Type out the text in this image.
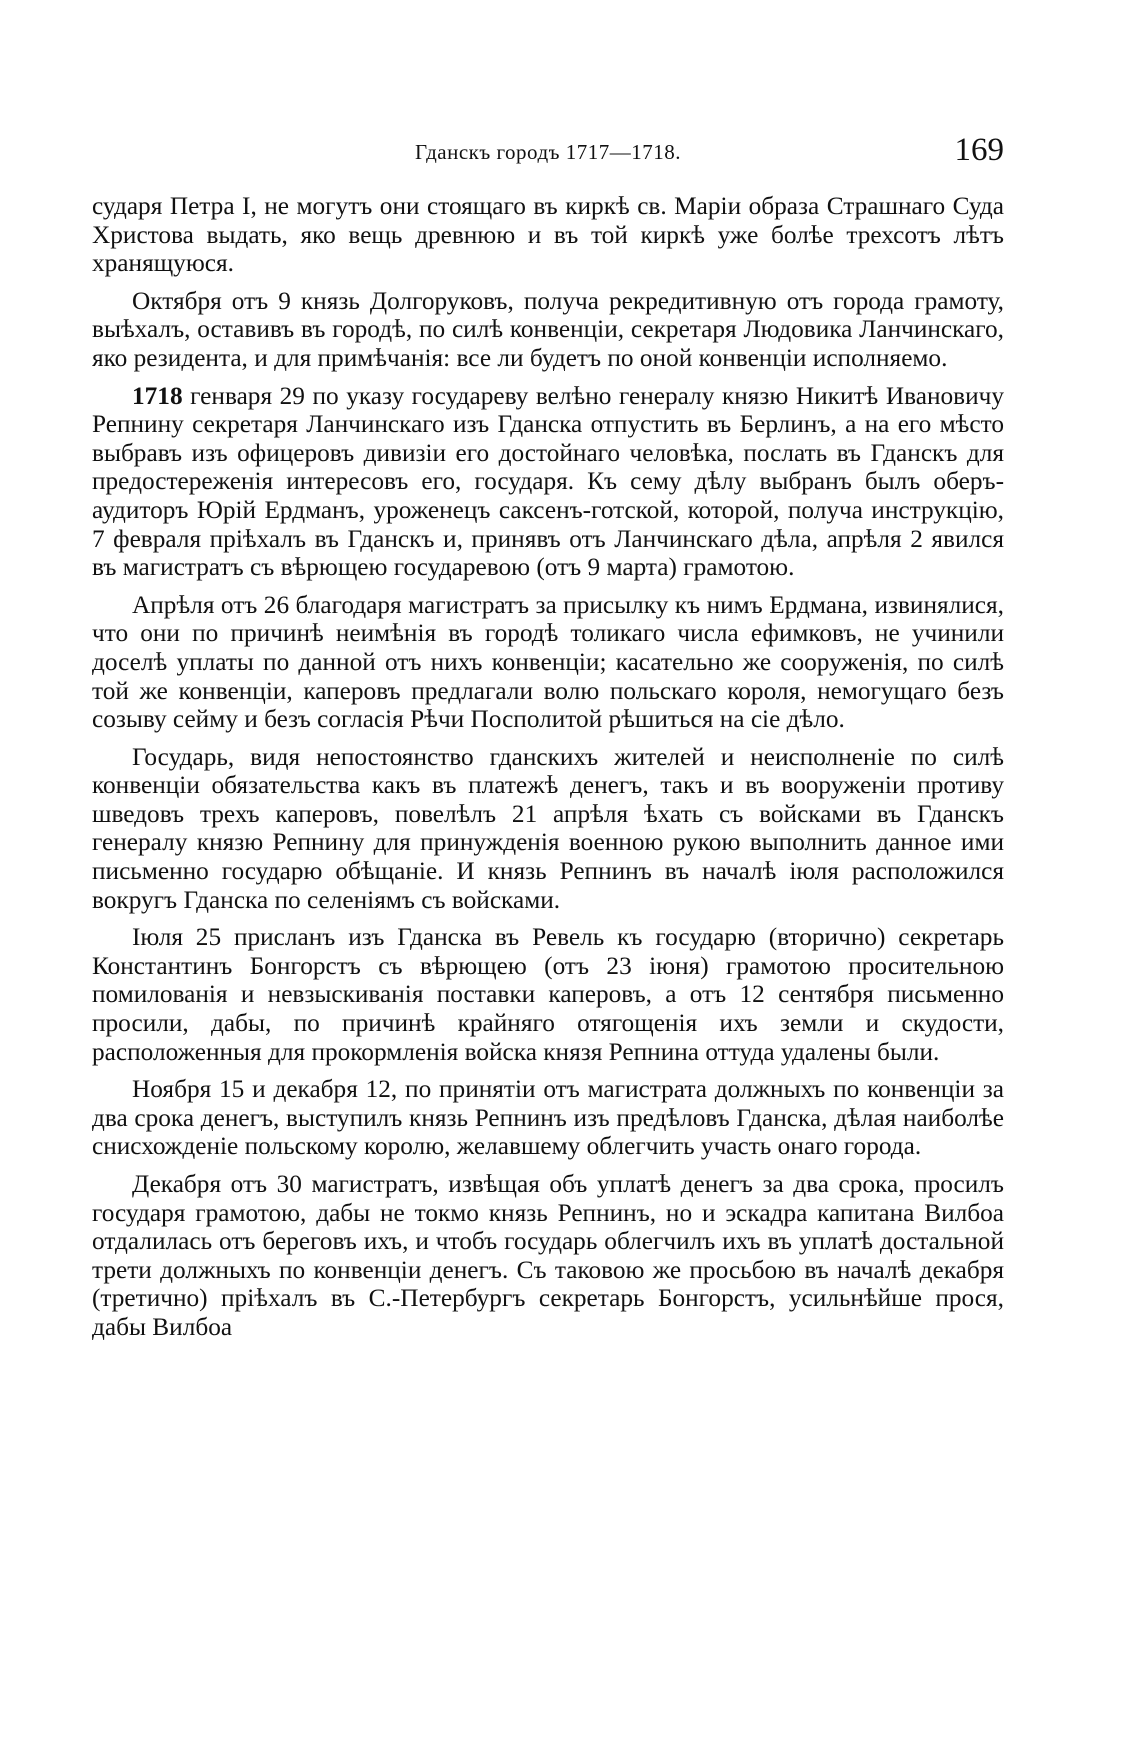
Гданскъ городъ 1717—1718.	169

сударя Петра I, не могутъ они стоящаго въ киркѣ св. Маріи образа Страшнаго Суда Христова выдать, яко вещь древнюю и въ той киркѣ уже болѣе трехсотъ лѣтъ хранящуюся.

Октября отъ 9 князь Долгоруковъ, получа рекредитивную отъ города грамоту, выѣхалъ, оставивъ въ городѣ, по силѣ конвенціи, секретаря Людовика Ланчинскаго, яко резидента, и для примѣчанія: все ли будетъ по оной конвенціи исполняемо.

1718 генваря 29 по указу государеву велѣно генералу князю Никитѣ Ивановичу Репнину секретаря Ланчинскаго изъ Гданска отпустить въ Берлинъ, а на его мѣсто выбравъ изъ офицеровъ дивизіи его достойнаго человѣка, послать въ Гданскъ для предостереженія интересовъ его, государя. Къ сему дѣлу выбранъ былъ оберъ-аудиторъ Юрій Ердманъ, уроженецъ саксенъ-готской, которой, получа инструкцію, 7 февраля пріѣхалъ въ Гданскъ и, принявъ отъ Ланчинскаго дѣла, апрѣля 2 явился въ магистратъ съ вѣрющею государевою (отъ 9 марта) грамотою.

Апрѣля отъ 26 благодаря магистратъ за присылку къ нимъ Ердмана, извинялися, что они по причинѣ неимѣнія въ городѣ толикаго числа ефимковъ, не учинили доселѣ уплаты по данной отъ нихъ конвенціи; касательно же сооруженія, по силѣ той же конвенціи, каперовъ предлагали волю польскаго короля, немогущаго безъ созыву сейму и безъ согласія Рѣчи Посполитой рѣшиться на сіе дѣло.

Государь, видя непостоянство гданскихъ жителей и неисполненіе по силѣ конвенціи обязательства какъ въ платежѣ денегъ, такъ и въ вооруженіи противу шведовъ трехъ каперовъ, повелѣлъ 21 апрѣля ѣхать съ войсками въ Гданскъ генералу князю Репнину для принужденія военною рукою выполнить данное ими письменно государю обѣщаніе. И князь Репнинъ въ началѣ іюля расположился вокругъ Гданска по селеніямъ съ войсками.

Іюля 25 присланъ изъ Гданска въ Ревель къ государю (вторично) секретарь Константинъ Бонгорстъ съ вѣрющею (отъ 23 іюня) грамотою просительною помилованія и невзыскиванія поставки каперовъ, а отъ 12 сентября письменно просили, дабы, по причинѣ крайняго отягощенія ихъ земли и скудости, расположенныя для прокормленія войска князя Репнина оттуда удалены были.

Ноября 15 и декабря 12, по принятіи отъ магистрата должныхъ по конвенціи за два срока денегъ, выступилъ князь Репнинъ изъ предѣловъ Гданска, дѣлая наиболѣе снисхожденіе польскому королю, желавшему облегчить участь онаго города.

Декабря отъ 30 магистратъ, извѣщая объ уплатѣ денегъ за два срока, просилъ государя грамотою, дабы не токмо князь Репнинъ, но и эскадра капитана Вилбоа отдалилась отъ береговъ ихъ, и чтобъ государь облегчилъ ихъ въ уплатѣ достальной трети должныхъ по конвенціи денегъ. Съ таковою же просьбою въ началѣ декабря (третично) пріѣхалъ въ С.-Петербургъ секретарь Бонгорстъ, усильнѣйше прося, дабы Вилбоа
